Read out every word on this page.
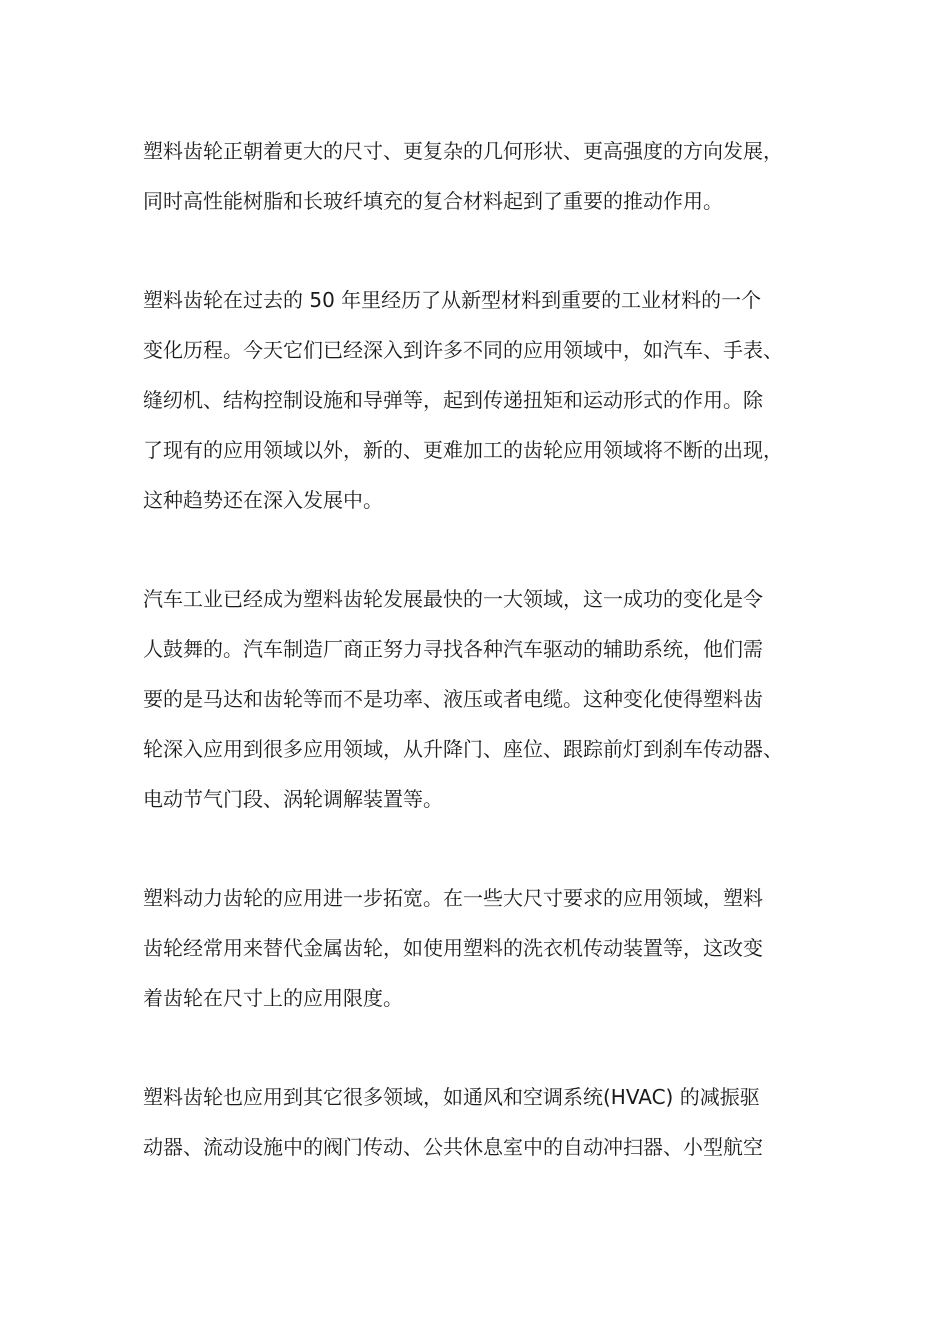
塑料齿轮正朝着更大的尺寸、更复杂的几何形状、更高强度的方向发展，
同时高性能树脂和长玻纤填充的复合材料起到了重要的推动作用。

塑料齿轮在过去的 50 年里经历了从新型材料到重要的工业材料的一个
变化历程。今天它们已经深入到许多不同的应用领域中，如汽车、手表、
缝纫机、结构控制设施和导弹等，起到传递扭矩和运动形式的作用。除
了现有的应用领域以外，新的、更难加工的齿轮应用领域将不断的出现，
这种趋势还在深入发展中。

汽车工业已经成为塑料齿轮发展最快的一大领域，这一成功的变化是令
人鼓舞的。汽车制造厂商正努力寻找各种汽车驱动的辅助系统，他们需
要的是马达和齿轮等而不是功率、液压或者电缆。这种变化使得塑料齿
轮深入应用到很多应用领域，从升降门、座位、跟踪前灯到刹车传动器、
电动节气门段、涡轮调解装置等。

塑料动力齿轮的应用进一步拓宽。在一些大尺寸要求的应用领域，塑料
齿轮经常用来替代金属齿轮，如使用塑料的洗衣机传动装置等，这改变
着齿轮在尺寸上的应用限度。

塑料齿轮也应用到其它很多领域，如通风和空调系统(HVAC) 的减振驱
动器、流动设施中的阀门传动、公共休息室中的自动冲扫器、小型航空
